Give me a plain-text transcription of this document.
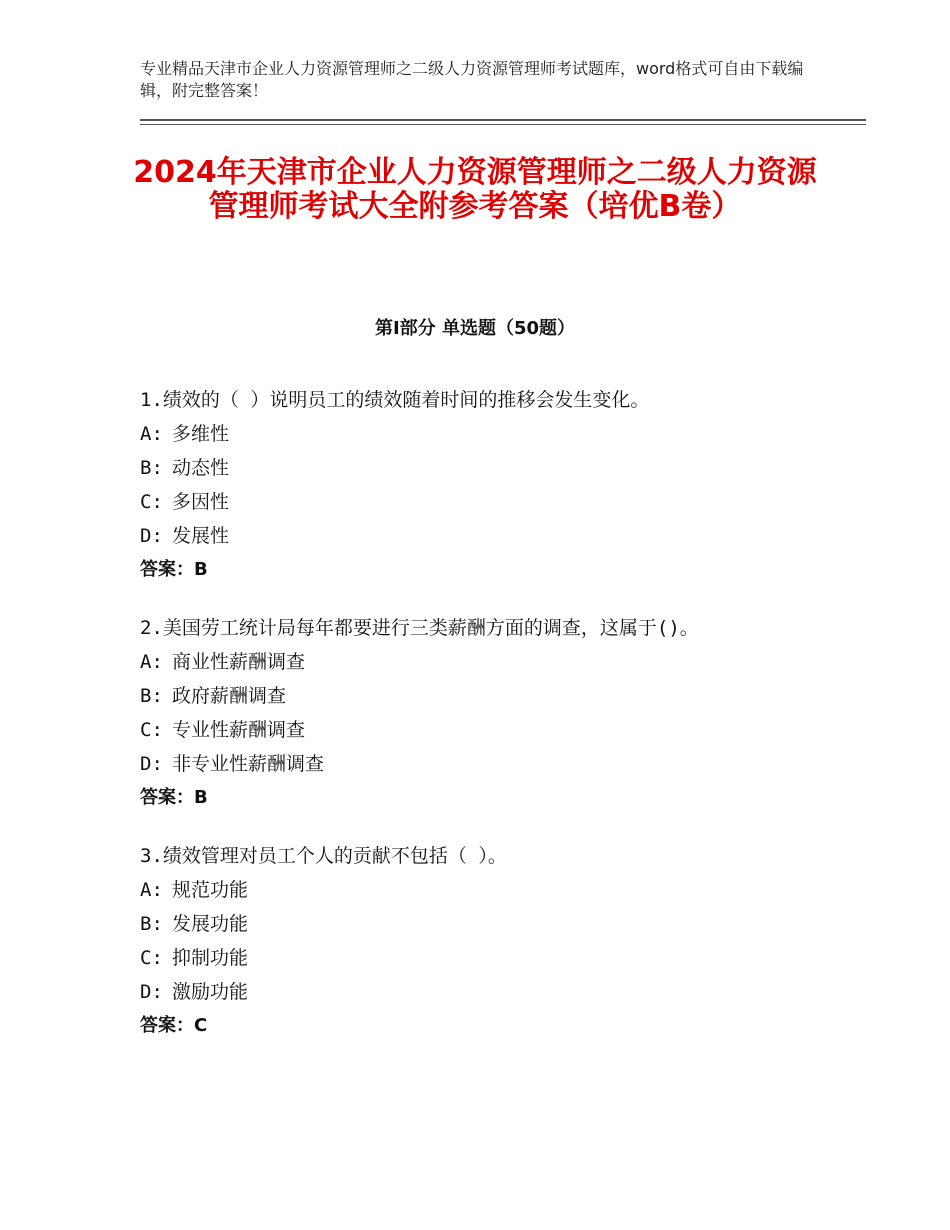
专业精品天津市企业人力资源管理师之二级人力资源管理师考试题库，word格式可自由下载编辑，附完整答案！
2024年天津市企业人力资源管理师之二级人力资源管理师考试大全附参考答案（培优B卷）
第Ⅰ部分 单选题（50题）
1.绩效的（ ）说明员工的绩效随着时间的推移会发生变化。
A: 多维性
B: 动态性
C: 多因性
D: 发展性
答案：B
2.美国劳工统计局每年都要进行三类薪酬方面的调查，这属于()。
A: 商业性薪酬调查
B: 政府薪酬调查
C: 专业性薪酬调查
D: 非专业性薪酬调查
答案：B
3.绩效管理对员工个人的贡献不包括（ ）。
A: 规范功能
B: 发展功能
C: 抑制功能
D: 激励功能
答案：C
